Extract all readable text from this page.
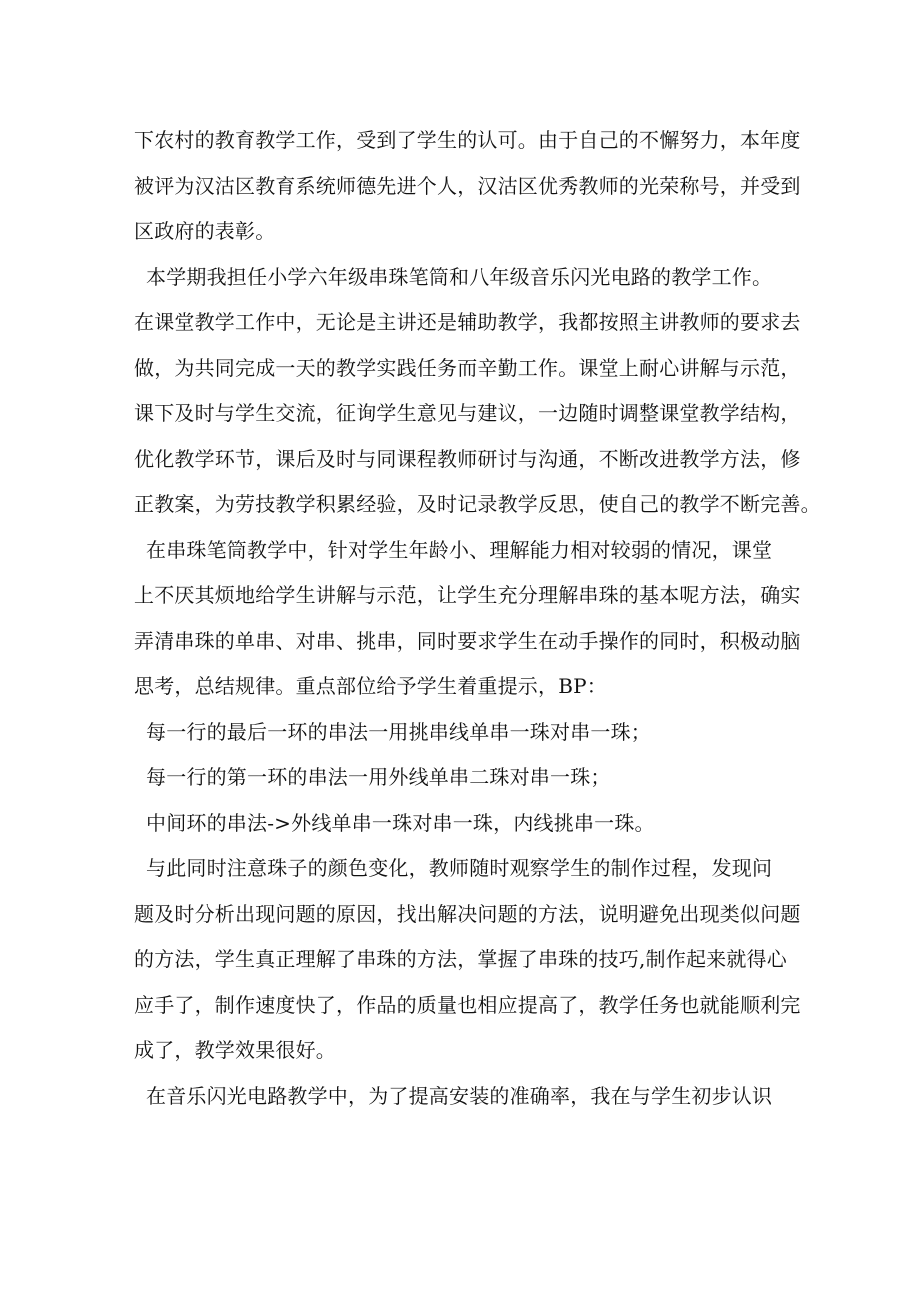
下农村的教育教学工作，受到了学生的认可。由于自己的不懈努力，本年度
被评为汉沽区教育系统师德先进个人，汉沽区优秀教师的光荣称号，并受到
区政府的表彰。
本学期我担任小学六年级串珠笔筒和八年级音乐闪光电路的教学工作。
在课堂教学工作中，无论是主讲还是辅助教学，我都按照主讲教师的要求去
做，为共同完成一天的教学实践任务而辛勤工作。课堂上耐心讲解与示范，
课下及时与学生交流，征询学生意见与建议，一边随时调整课堂教学结构，
优化教学环节，课后及时与同课程教师研讨与沟通，不断改进教学方法，修
正教案，为劳技教学积累经验，及时记录教学反思，使自己的教学不断完善。
在串珠笔筒教学中，针对学生年龄小、理解能力相对较弱的情况，课堂
上不厌其烦地给学生讲解与示范，让学生充分理解串珠的基本呢方法，确实
弄清串珠的单串、对串、挑串，同时要求学生在动手操作的同时，积极动脑
思考，总结规律。重点部位给予学生着重提示，BP：
每一行的最后一环的串法一用挑串线单串一珠对串一珠；
每一行的第一环的串法一用外线单串二珠对串一珠；
中间环的串法->外线单串一珠对串一珠，内线挑串一珠。
与此同时注意珠子的颜色变化，教师随时观察学生的制作过程，发现问
题及时分析出现问题的原因，找出解决问题的方法，说明避免出现类似问题
的方法，学生真正理解了串珠的方法，掌握了串珠的技巧,制作起来就得心
应手了，制作速度快了，作品的质量也相应提高了，教学任务也就能顺利完
成了，教学效果很好。
在音乐闪光电路教学中，为了提高安装的准确率，我在与学生初步认识
